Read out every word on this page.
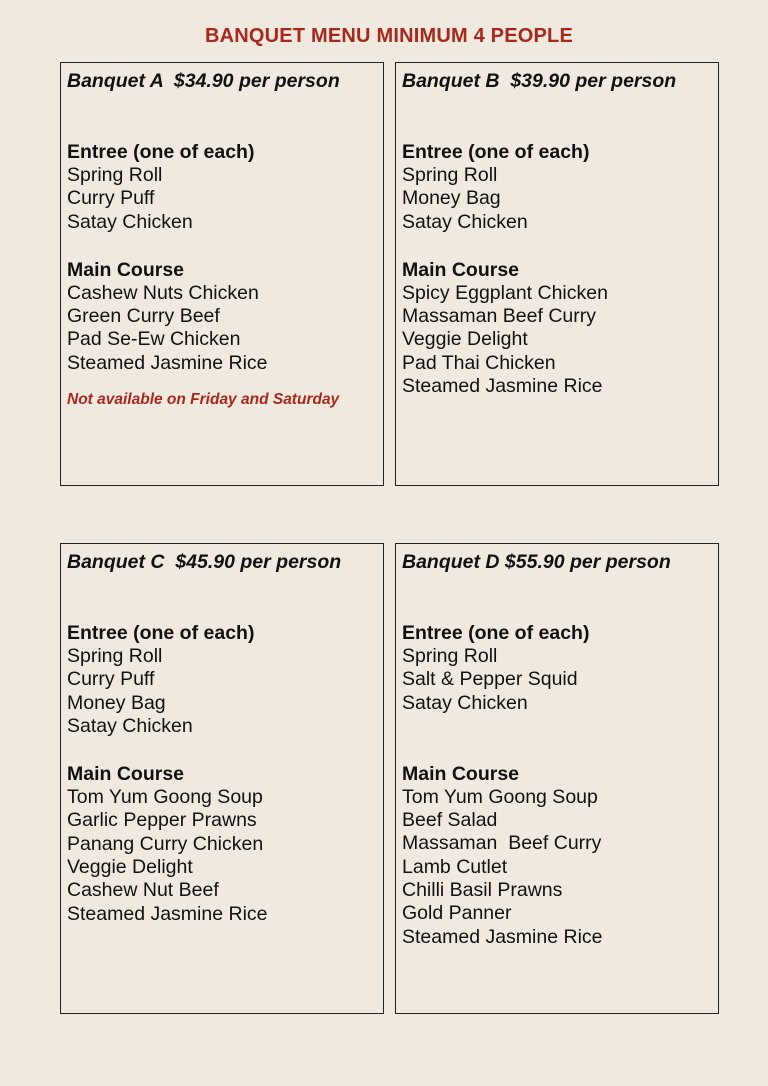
BANQUET MENU MINIMUM 4 PEOPLE
Banquet A  $34.90 per person
Entree (one of each)
Spring Roll
Curry Puff
Satay Chicken
Main Course
Cashew Nuts Chicken
Green Curry Beef
Pad Se-Ew Chicken
Steamed Jasmine Rice
Not available on Friday and Saturday
Banquet B  $39.90 per person
Entree (one of each)
Spring Roll
Money Bag
Satay Chicken
Main Course
Spicy Eggplant Chicken
Massaman Beef Curry
Veggie Delight
Pad Thai Chicken
Steamed Jasmine Rice
Banquet C  $45.90 per person
Entree (one of each)
Spring Roll
Curry Puff
Money Bag
Satay Chicken
Main Course
Tom Yum Goong Soup
Garlic Pepper Prawns
Panang Curry Chicken
Veggie Delight
Cashew Nut Beef
Steamed Jasmine Rice
Banquet D $55.90 per person
Entree (one of each)
Spring Roll
Salt & Pepper Squid
Satay Chicken
Main Course
Tom Yum Goong Soup
Beef Salad
Massaman  Beef Curry
Lamb Cutlet
Chilli Basil Prawns
Gold Panner
Steamed Jasmine Rice
